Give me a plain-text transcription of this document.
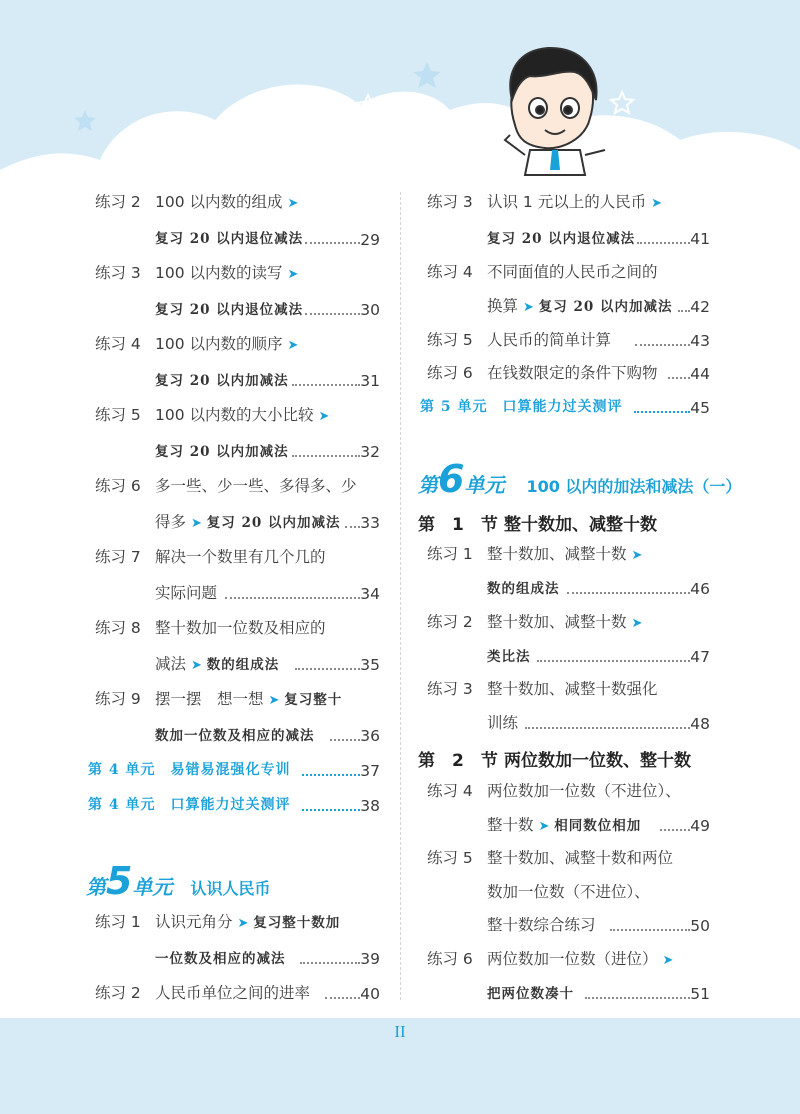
练习 2 100 以内数的组成 ➤
复习 20 以内退位减法	29
练习 3 100 以内数的读写 ➤
复习 20 以内退位减法	30
练习 4 100 以内数的顺序 ➤
复习 20 以内加减法	31
练习 5 100 以内数的大小比较 ➤
复习 20 以内加减法	32
练习 6 多一些、少一些、多得多、少
得多 ➤ 复习 20 以内加减法 33
练习 7 解决一个数里有几个几的
实际问题	34
练习 8 整十数加一位数及相应的
减法 ➤ 数的组成法	35
练习 9 摆一摆　想一想 ➤ 复习整十
数加一位数及相应的减法	36
第 4 单元　易错易混强化专训	37
第 4 单元　口算能力过关测评	38
第5单元 认识人民币
练习 1 认识元角分 ➤ 复习整十数加
一位数及相应的减法	39
练习 2 人民币单位之间的进率	40
练习 3 认识 1 元以上的人民币 ➤
复习 20 以内退位减法	41
练习 4 不同面值的人民币之间的
换算 ➤ 复习 20 以内加减法 42
练习 5 人民币的简单计算	43
练习 6 在钱数限定的条件下购物 44
第 5 单元　口算能力过关测评	45
第6单元 100 以内的加法和减法（一）
第　1　节 整十数加、减整十数
练习 1 整十数加、减整十数 ➤
数的组成法	46
练习 2 整十数加、减整十数 ➤
类比法	47
练习 3 整十数加、减整十数强化
训练	48
第　2　节 两位数加一位数、整十数
练习 4 两位数加一位数（不进位）、
整十数 ➤ 相同数位相加	49
练习 5 整十数加、减整十数和两位
数加一位数（不进位）、
整十数综合练习	50
练习 6 两位数加一位数（进位） ➤
把两位数凑十	51
II
